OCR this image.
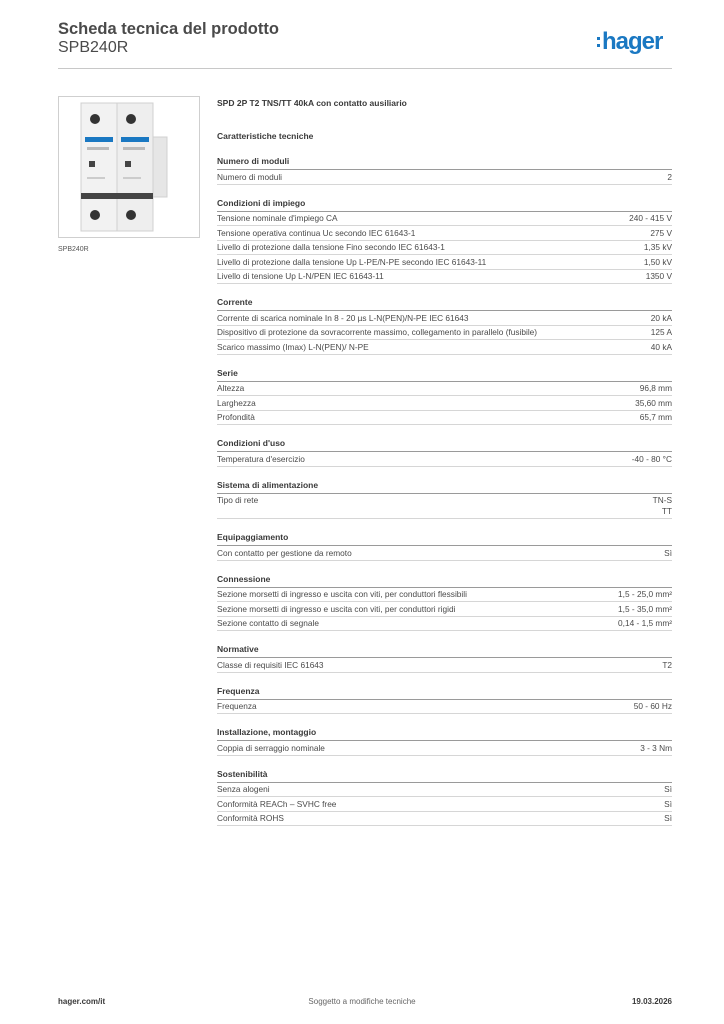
Scheda tecnica del prodotto
SPB240R	hager
SPB240R
SPD 2P T2 TNS/TT 40kA con contatto ausiliario
Caratteristiche tecniche
Numero di moduli
Numero di moduli	2
Condizioni di impiego
Tensione nominale d'impiego CA	240 - 415 V
Tensione operativa continua Uc secondo IEC 61643-1	275 V
Livello di protezione dalla tensione Fino secondo IEC 61643-1	1,35 kV
Livello di protezione dalla tensione Up L-PE/N-PE secondo IEC 61643-11	1,50 kV
Livello di tensione Up L-N/PEN IEC 61643-11	1350 V
Corrente
Corrente di scarica nominale In 8 - 20 µs L-N(PEN)/N-PE IEC 61643	20 kA
Dispositivo di protezione da sovracorrente massimo, collegamento in parallelo (fusibile)	125 A
Scarico massimo (Imax) L-N(PEN)/ N-PE	40 kA
Serie
Altezza	96,8 mm
Larghezza	35,60 mm
Profondità	65,7 mm
Condizioni d'uso
Temperatura d'esercizio	-40 - 80 °C
Sistema di alimentazione
Tipo di rete	TN-S
TT
Equipaggiamento
Con contatto per gestione da remoto	Sì
Connessione
Sezione morsetti di ingresso e uscita con viti, per conduttori flessibili	1,5 - 25,0 mm²
Sezione morsetti di ingresso e uscita con viti, per conduttori rigidi	1,5 - 35,0 mm²
Sezione contatto di segnale	0,14 - 1,5 mm²
Normative
Classe di requisiti IEC 61643	T2
Frequenza
Frequenza	50 - 60 Hz
Installazione, montaggio
Coppia di serraggio nominale	3 - 3 Nm
Sostenibilità
Senza alogeni	Sì
Conformità REACh – SVHC free	Sì
Conformità ROHS	Sì
hager.com/it	Soggetto a modifiche tecniche	19.03.2026
